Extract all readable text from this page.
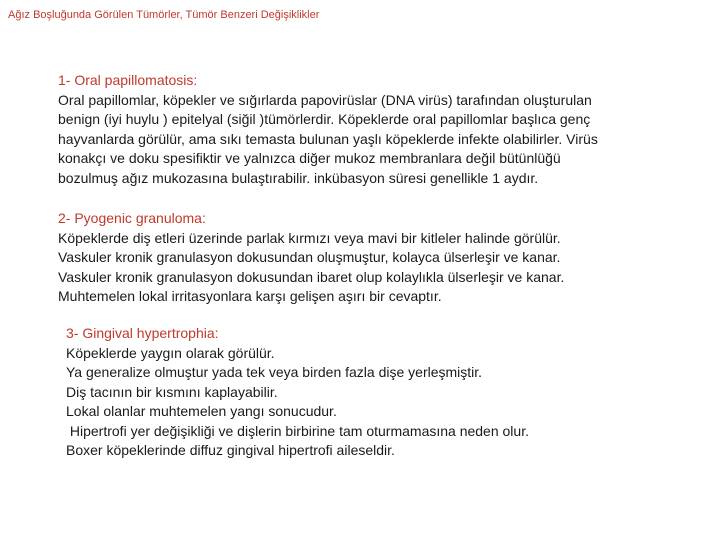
Ağız Boşluğunda Görülen Tümörler, Tümör Benzeri Değişiklikler
1- Oral papillomatosis:
Oral papillomlar, köpekler ve sığırlarda papovirüslar (DNA virüs) tarafından oluşturulan
benign (iyi huylu ) epitelyal (siğil )tümörlerdir. Köpeklerde oral papillomlar başlıca genç
hayvanlarda görülür, ama sıkı temasta bulunan yaşlı köpeklerde infekte olabilirler. Virüs
konakçı ve doku spesifiktir ve yalnızca diğer mukoz membranlara değil bütünlüğü
bozulmuş ağız mukozasına bulaştırabilir. inkübasyon süresi genellikle 1 aydır.
2- Pyogenic granuloma:
Köpeklerde diş etleri üzerinde parlak kırmızı veya mavi bir kitleler halinde görülür.
Vaskuler kronik granulasyon dokusundan oluşmuştur, kolayca ülserleşir ve kanar.
Vaskuler kronik granulasyon dokusundan ibaret olup kolaylıkla ülserleşir ve kanar.
Muhtemelen lokal irritasyonlara karşı gelişen aşırı bir cevaptır.
3- Gingival hypertrophia:
Köpeklerde yaygın olarak görülür.
Ya generalize olmuştur yada tek veya birden fazla dişe yerleşmiştir.
Diş tacının bir kısmını kaplayabilir.
Lokal olanlar muhtemelen yangı sonucudur.
Hipertrofi yer değişikliği ve dişlerin birbirine tam oturmamasına neden olur.
Boxer köpeklerinde diffuz gingival hipertrofi aileseldir.
